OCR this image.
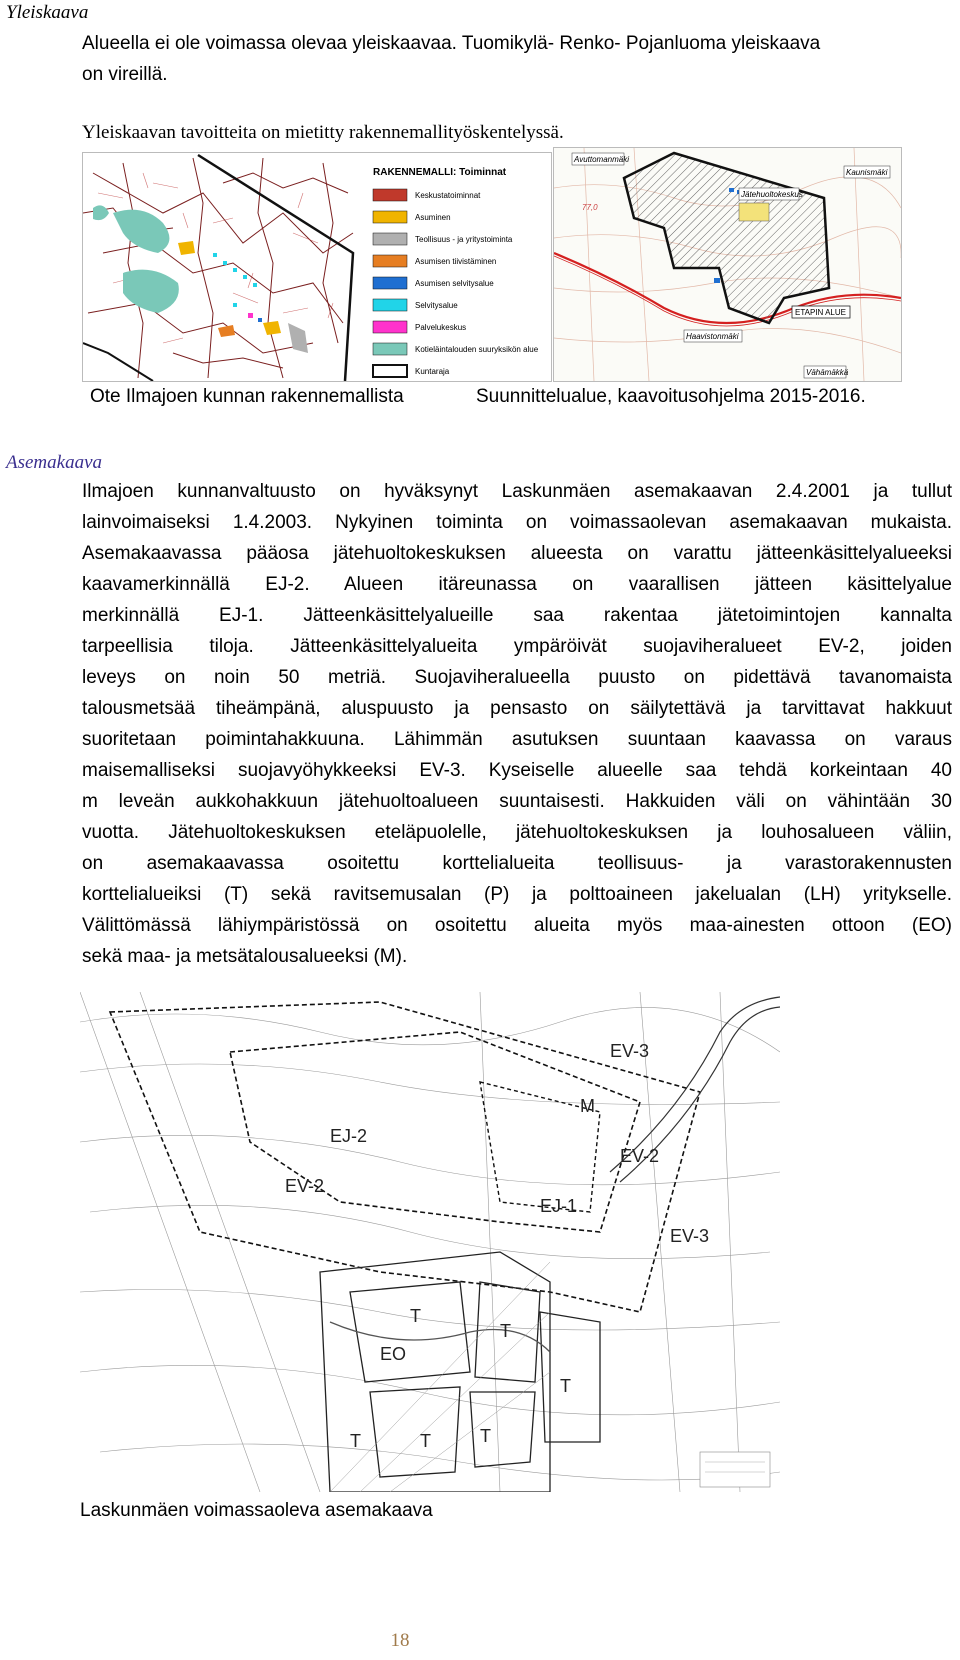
Yleiskaava
Alueella ei ole voimassa olevaa yleiskaavaa. Tuomikylä- Renko- Pojanluoma yleiskaava
on vireillä.
Yleiskaavan tavoitteita on mietitty rakennemallityöskentelyssä.
RAKENNEMALLI: Toiminnat
Keskustatoiminnat
Asuminen
Teollisuus - ja yritystoiminta
Asumisen tiivistäminen
Asumisen selvitysalue
Selvitysalue
Palvelukeskus
Kotieläintalouden suuryksikön alue
Kuntaraja
Avuttomanmäki
Jätehuoltokeskus
Kaunismäki
77,0
ETAPIN ALUE
Haavistonmäki
Vähämäkkä
Ote Ilmajoen kunnan rakennemallista	Suunnittelualue, kaavoitusohjelma 2015-2016.
Asemakaava
Ilmajoen kunnanvaltuusto on hyväksynyt Laskunmäen asemakaavan 2.4.2001 ja tullut
lainvoimaiseksi 1.4.2003. Nykyinen toiminta on voimassaolevan asemakaavan mukaista.
Asemakaavassa pääosa jätehuoltokeskuksen alueesta on varattu jätteenkäsittelyalueeksi
kaavamerkinnällä EJ-2. Alueen itäreunassa on vaarallisen jätteen käsittelyalue
merkinnällä EJ-1. Jätteenkäsittelyalueille saa rakentaa jätetoimintojen kannalta
tarpeellisia tiloja. Jätteenkäsittelyalueita ympäröivät suojaviheralueet EV-2, joiden
leveys on noin 50 metriä. Suojaviheralueella puusto on pidettävä tavanomaista
talousmetsää tiheämpänä, aluspuusto ja pensasto on säilytettävä ja tarvittavat hakkuut
suoritetaan poimintahakkuuna. Lähimmän asutuksen suuntaan kaavassa on varaus
maisemalliseksi suojavyöhykkeeksi EV-3. Kyseiselle alueelle saa tehdä korkeintaan 40
m leveän aukkohakkuun jätehuoltoalueen suuntaisesti. Hakkuiden väli on vähintään 30
vuotta. Jätehuoltokeskuksen eteläpuolelle, jätehuoltokeskuksen ja louhosalueen väliin,
on asemakaavassa osoitettu korttelialueita teollisuus- ja varastorakennusten
korttelialueiksi (T) sekä ravitsemusalan (P) ja polttoaineen jakelualan (LH) yritykselle.
Välittömässä lähiympäristössä on osoitettu alueita myös maa-ainesten ottoon (EO)
sekä maa- ja metsätalousalueeksi (M).
EV-3
M
EJ-2
EV-2
EV-2
EJ-1
EV-3
EO
T
T
T
T	T
T
Laskunmäen voimassaoleva asemakaava
18
